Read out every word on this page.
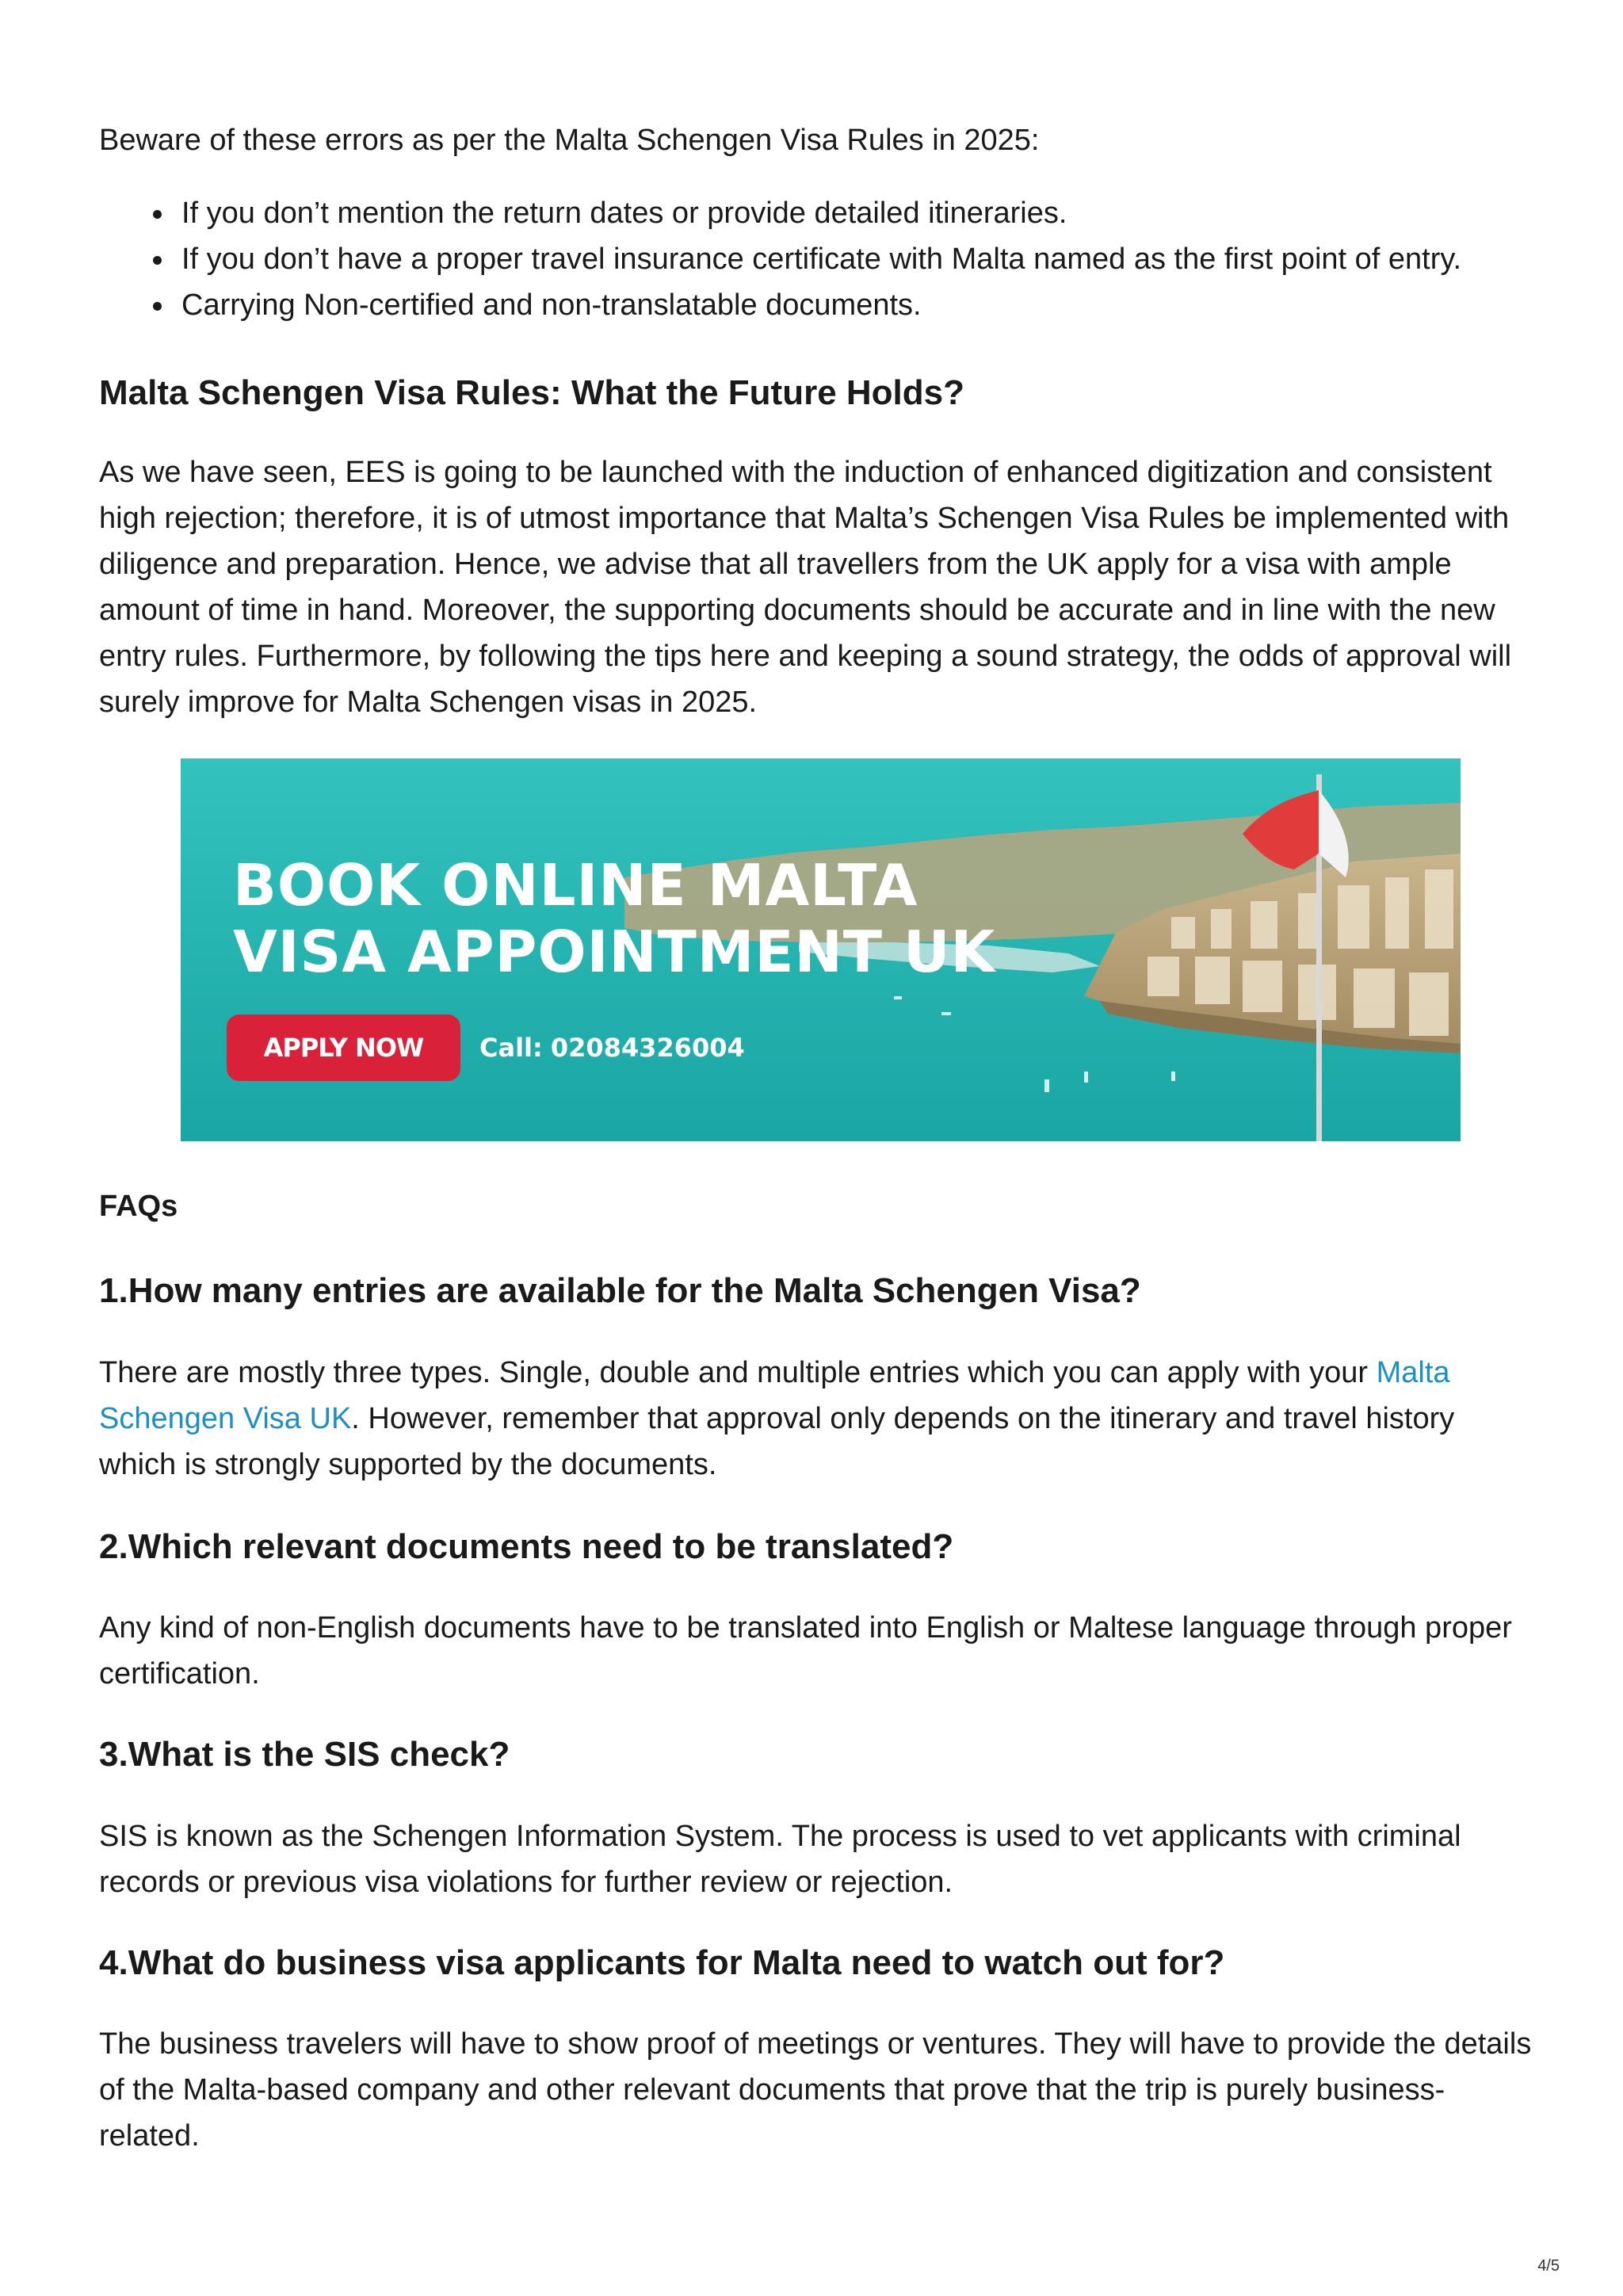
Beware of these errors as per the Malta Schengen Visa Rules in 2025:

If you don’t mention the return dates or provide detailed itineraries.
If you don’t have a proper travel insurance certificate with Malta named as the first point of entry.
Carrying Non-certified and non-translatable documents.
Malta Schengen Visa Rules: What the Future Holds?

As we have seen, EES is going to be launched with the induction of enhanced digitization and consistent high rejection; therefore, it is of utmost importance that Malta’s Schengen Visa Rules be implemented with diligence and preparation. Hence, we advise that all travellers from the UK apply for a visa with ample amount of time in hand. Moreover, the supporting documents should be accurate and in line with the new entry rules. Furthermore, by following the tips here and keeping a sound strategy, the odds of approval will surely improve for Malta Schengen visas in 2025.

BOOK ONLINE MALTA
VISA APPOINTMENT UK
APPLY NOW	Call: 02084326004
FAQs
1.How many entries are available for the Malta Schengen Visa?

There are mostly three types. Single, double and multiple entries which you can apply with your Malta Schengen Visa UK. However, remember that approval only depends on the itinerary and travel history which is strongly supported by the documents.

2.Which relevant documents need to be translated?

Any kind of non-English documents have to be translated into English or Maltese language through proper certification.

3.What is the SIS check?

SIS is known as the Schengen Information System. The process is used to vet applicants with criminal records or previous visa violations for further review or rejection.

4.What do business visa applicants for Malta need to watch out for?

The business travelers will have to show proof of meetings or ventures. They will have to provide the details of the Malta-based company and other relevant documents that prove that the trip is purely business-related.

4/5
